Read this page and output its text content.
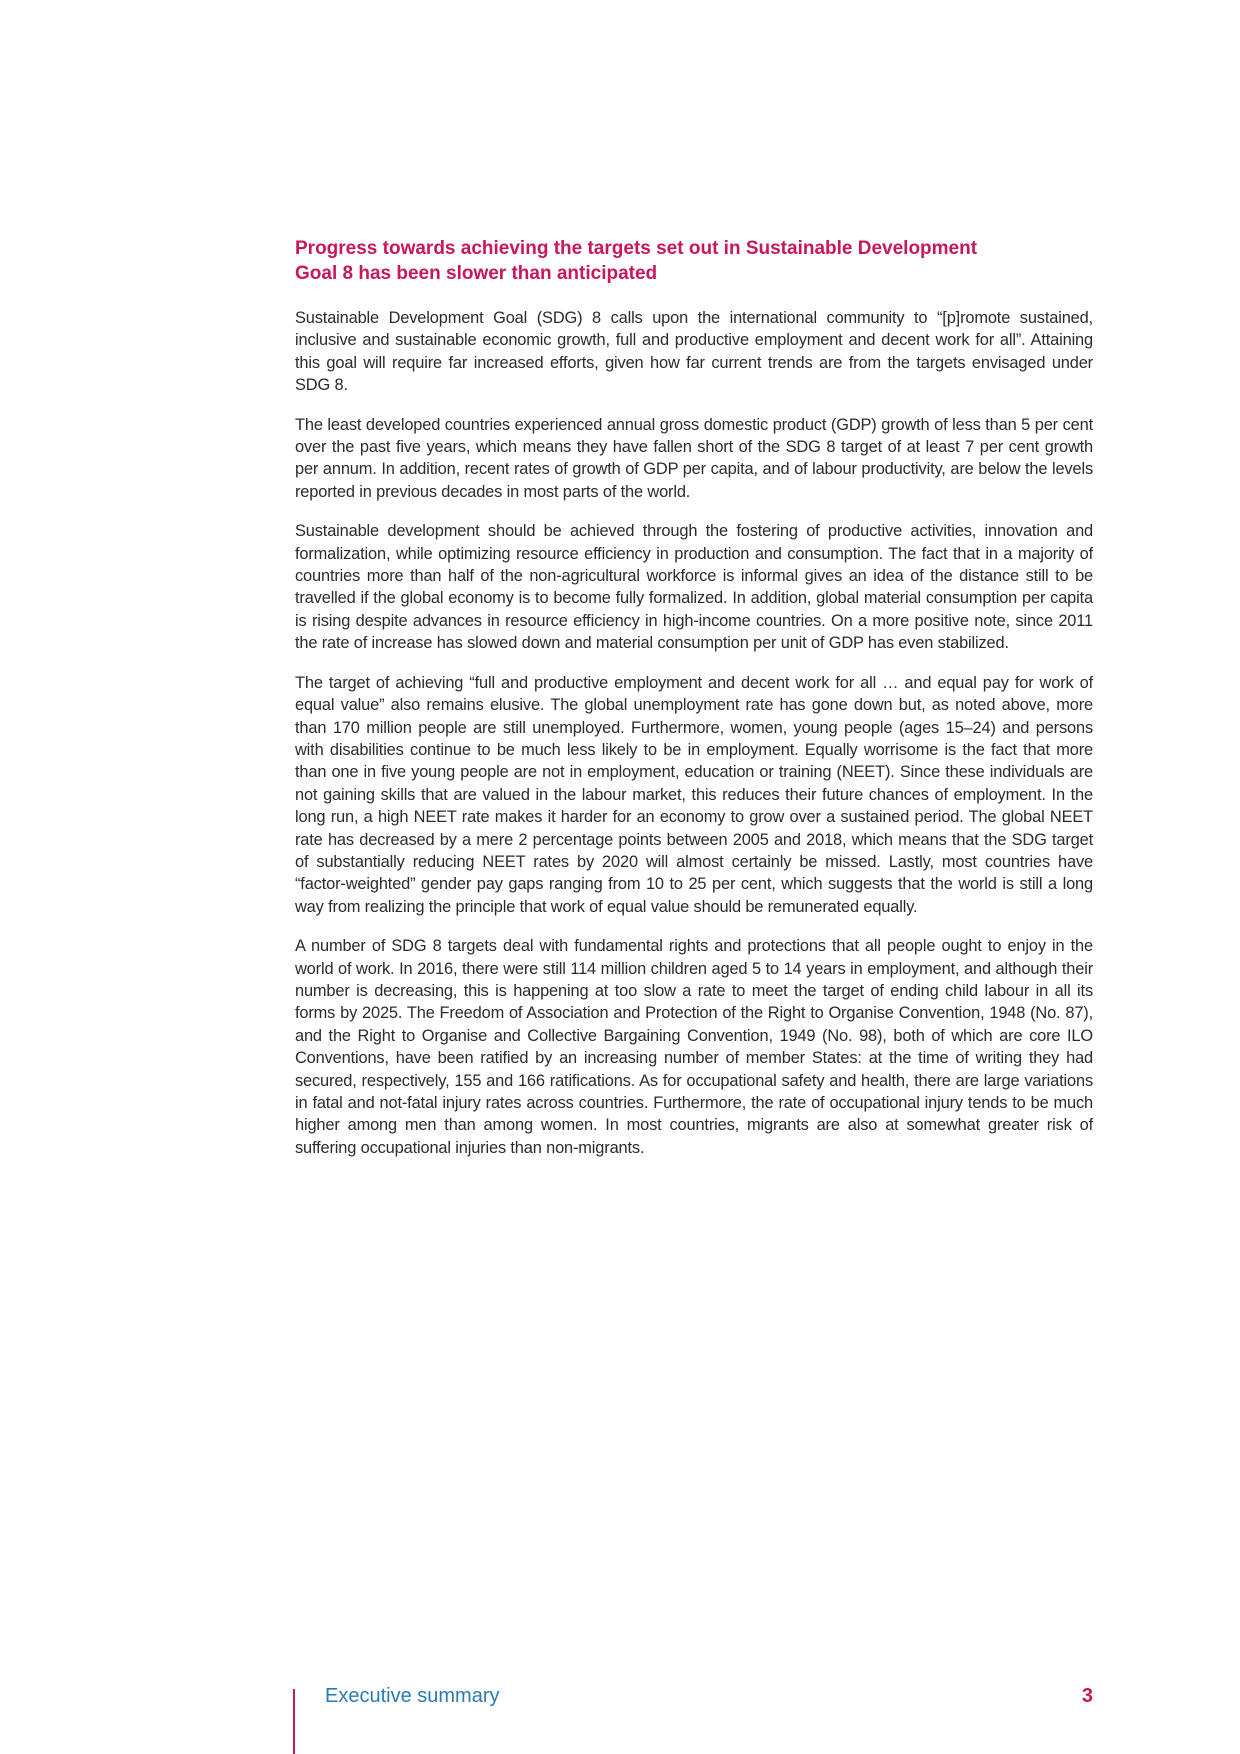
Progress towards achieving the targets set out in Sustainable Development Goal 8 has been slower than anticipated

Sustainable Development Goal (SDG) 8 calls upon the international community to “[p]romote sustained, inclusive and sustainable economic growth, full and productive employment and decent work for all”. Attaining this goal will require far increased efforts, given how far current trends are from the targets envisaged under SDG 8.

The least developed countries experienced annual gross domestic product (GDP) growth of less than 5 per cent over the past five years, which means they have fallen short of the SDG 8 target of at least 7 per cent growth per annum. In addition, recent rates of growth of GDP per capita, and of labour productivity, are below the levels reported in previous decades in most parts of the world.

Sustainable development should be achieved through the fostering of productive activities, innovation and formalization, while optimizing resource efficiency in production and consumption. The fact that in a majority of countries more than half of the non-agricultural workforce is informal gives an idea of the distance still to be travelled if the global economy is to become fully formalized. In addition, global material consumption per capita is rising despite advances in resource efficiency in high-income countries. On a more positive note, since 2011 the rate of increase has slowed down and material consumption per unit of GDP has even stabilized.

The target of achieving “full and productive employment and decent work for all … and equal pay for work of equal value” also remains elusive. The global unemployment rate has gone down but, as noted above, more than 170 million people are still unemployed. Furthermore, women, young people (ages 15–24) and persons with disabilities continue to be much less likely to be in employment. Equally worrisome is the fact that more than one in five young people are not in employment, education or training (NEET). Since these individuals are not gaining skills that are valued in the labour market, this reduces their future chances of employment. In the long run, a high NEET rate makes it harder for an economy to grow over a sustained period. The global NEET rate has decreased by a mere 2 percentage points between 2005 and 2018, which means that the SDG target of substantially reducing NEET rates by 2020 will almost certainly be missed. Lastly, most countries have “factor-weighted” gender pay gaps ranging from 10 to 25 per cent, which suggests that the world is still a long way from realizing the principle that work of equal value should be remunerated equally.

A number of SDG 8 targets deal with fundamental rights and protections that all people ought to enjoy in the world of work. In 2016, there were still 114 million children aged 5 to 14 years in employment, and although their number is decreasing, this is happening at too slow a rate to meet the target of ending child labour in all its forms by 2025. The Freedom of Association and Protection of the Right to Organise Convention, 1948 (No. 87), and the Right to Organise and Collective Bargaining Convention, 1949 (No. 98), both of which are core ILO Conventions, have been ratified by an increasing number of member States: at the time of writing they had secured, respectively, 155 and 166 ratifications. As for occupational safety and health, there are large variations in fatal and not-fatal injury rates across countries. Furthermore, the rate of occupational injury tends to be much higher among men than among women. In most countries, migrants are also at somewhat greater risk of suffering occupational injuries than non-migrants.

Executive summary	3
